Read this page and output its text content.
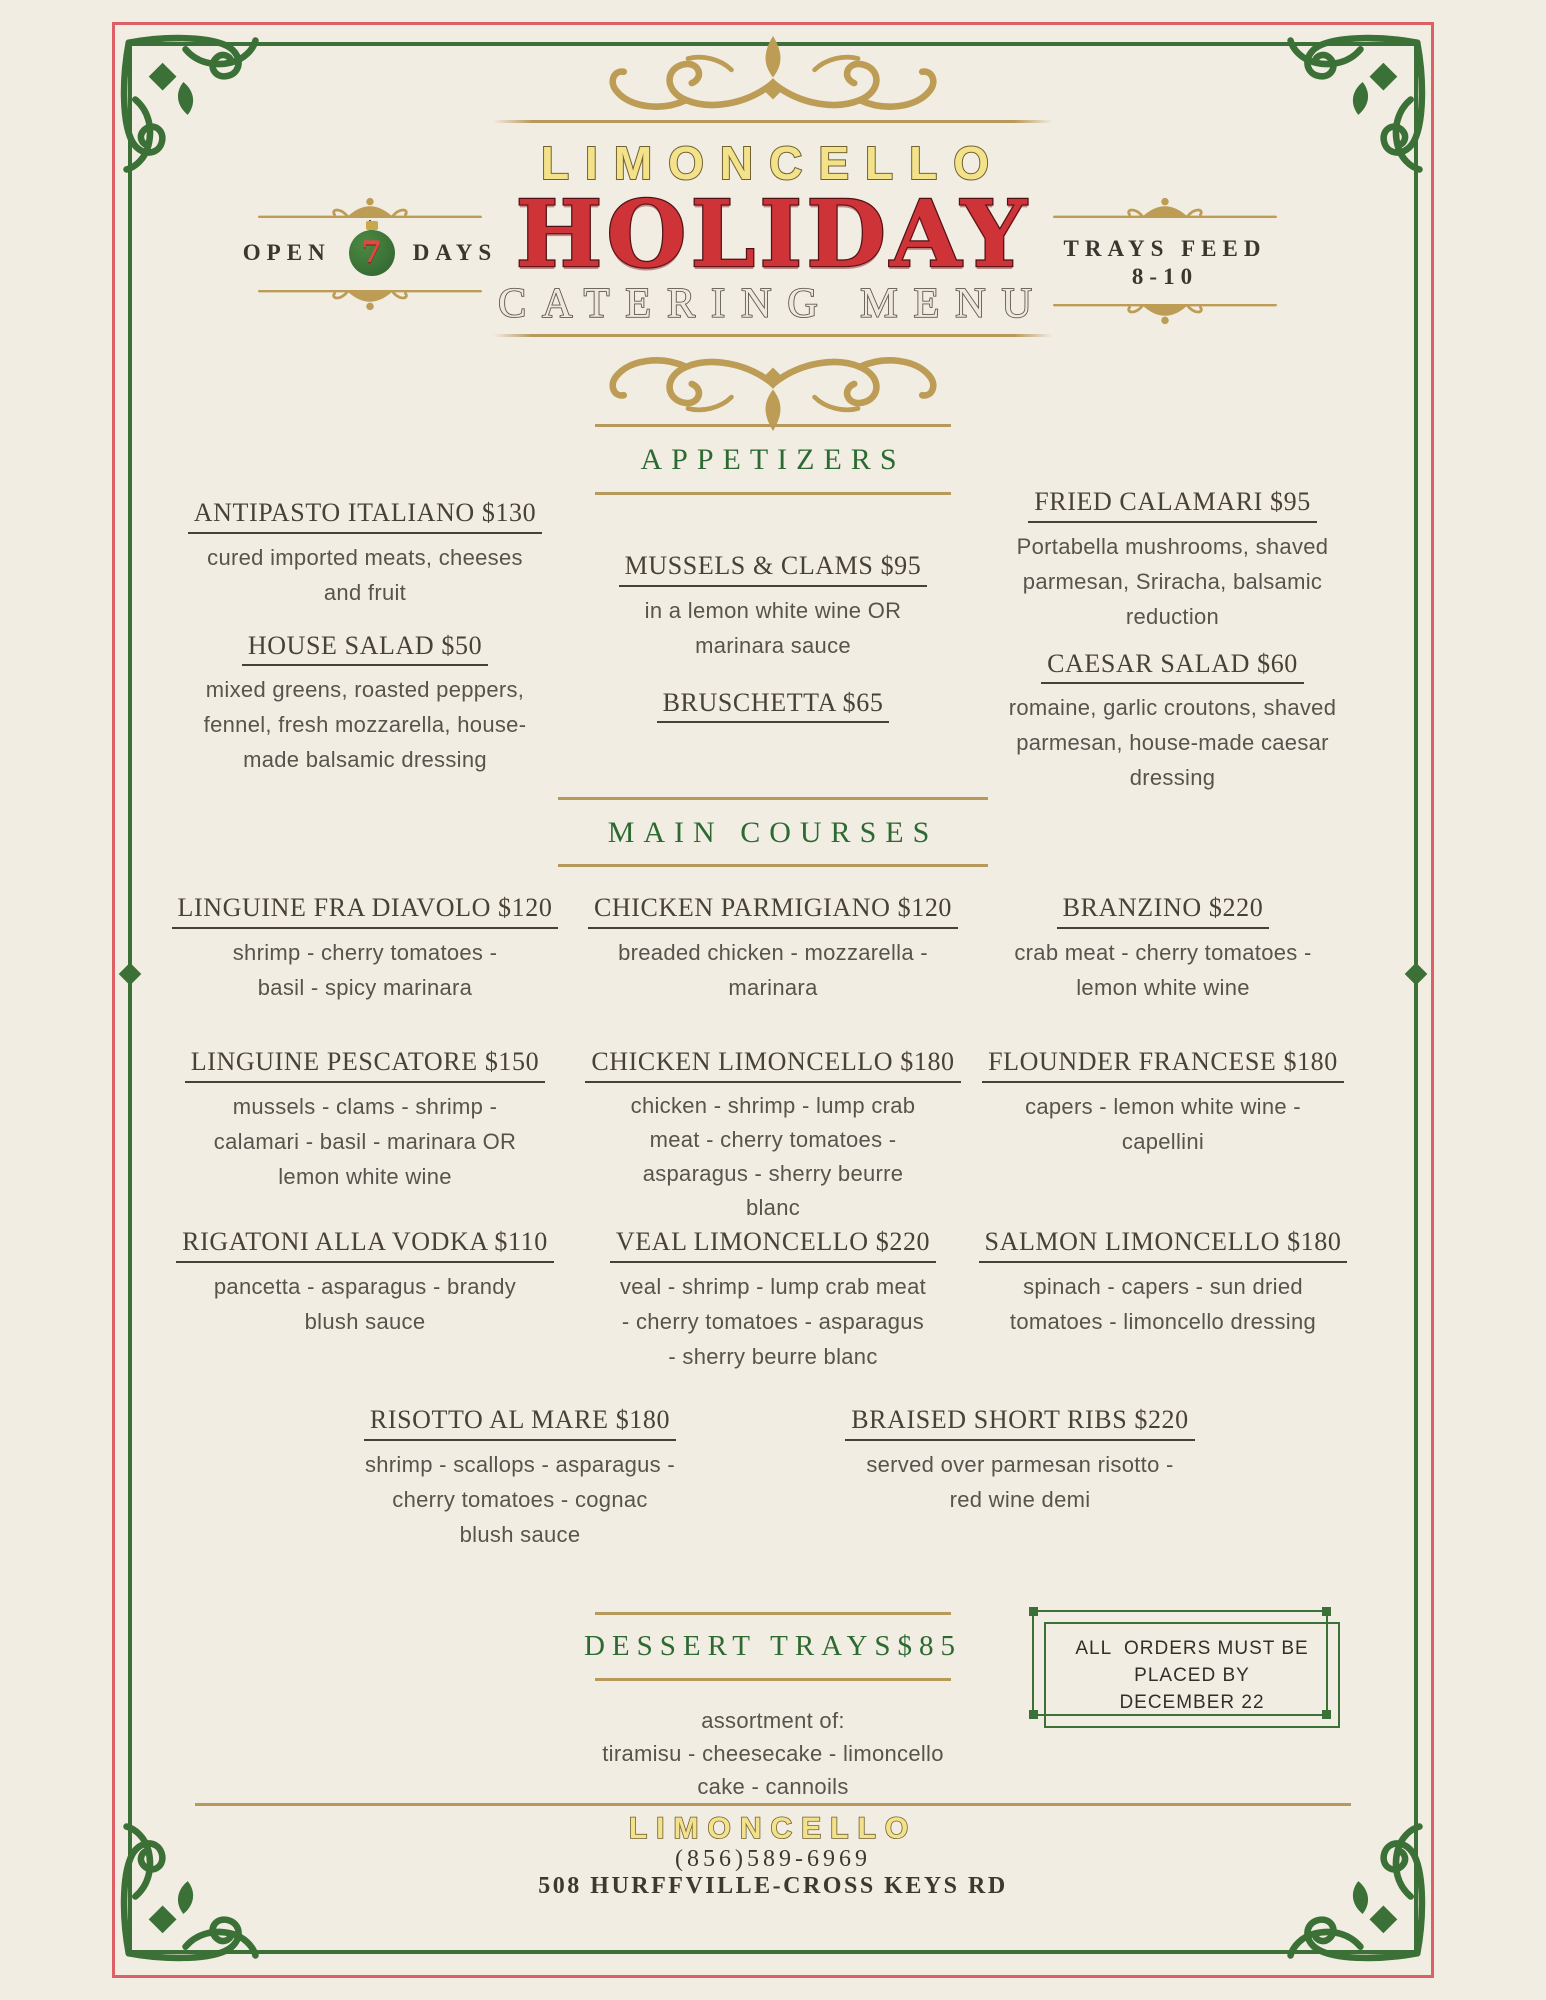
LIMONCELLO
HOLIDAY
CATERING MENU
OPEN 7 DAYS	TRAYS FEED
8-10
APPETIZERS
ANTIPASTO ITALIANO $130
cured imported meats, cheeses
and fruit
HOUSE SALAD $50
mixed greens, roasted peppers,
fennel, fresh mozzarella, house-
made balsamic dressing
MUSSELS & CLAMS $95
in a lemon white wine OR
marinara sauce
BRUSCHETTA $65
FRIED CALAMARI $95
Portabella mushrooms, shaved
parmesan, Sriracha, balsamic
reduction
CAESAR SALAD $60
romaine, garlic croutons, shaved
parmesan, house-made caesar
dressing
MAIN COURSES
LINGUINE FRA DIAVOLO $120
shrimp - cherry tomatoes -
basil - spicy marinara
CHICKEN PARMIGIANO $120
breaded chicken - mozzarella -
marinara
BRANZINO $220
crab meat - cherry tomatoes -
lemon white wine
LINGUINE PESCATORE $150
mussels - clams - shrimp -
calamari - basil - marinara OR
lemon white wine
CHICKEN LIMONCELLO $180
chicken - shrimp - lump crab
meat - cherry tomatoes -
asparagus - sherry beurre
blanc
FLOUNDER FRANCESE $180
capers - lemon white wine -
capellini
RIGATONI ALLA VODKA $110
pancetta - asparagus - brandy
blush sauce
VEAL LIMONCELLO $220
veal - shrimp - lump crab meat
- cherry tomatoes - asparagus
- sherry beurre blanc
SALMON LIMONCELLO $180
spinach - capers - sun dried
tomatoes - limoncello dressing
RISOTTO AL MARE $180
shrimp - scallops - asparagus -
cherry tomatoes - cognac
blush sauce
BRAISED SHORT RIBS $220
served over parmesan risotto -
red wine demi
DESSERT TRAYS$85
assortment of:
tiramisu - cheesecake - limoncello
cake - cannoils
ALL  ORDERS MUST BE
PLACED BY
DECEMBER 22
LIMONCELLO
(856)589-6969
508 HURFFVILLE-CROSS KEYS RD
